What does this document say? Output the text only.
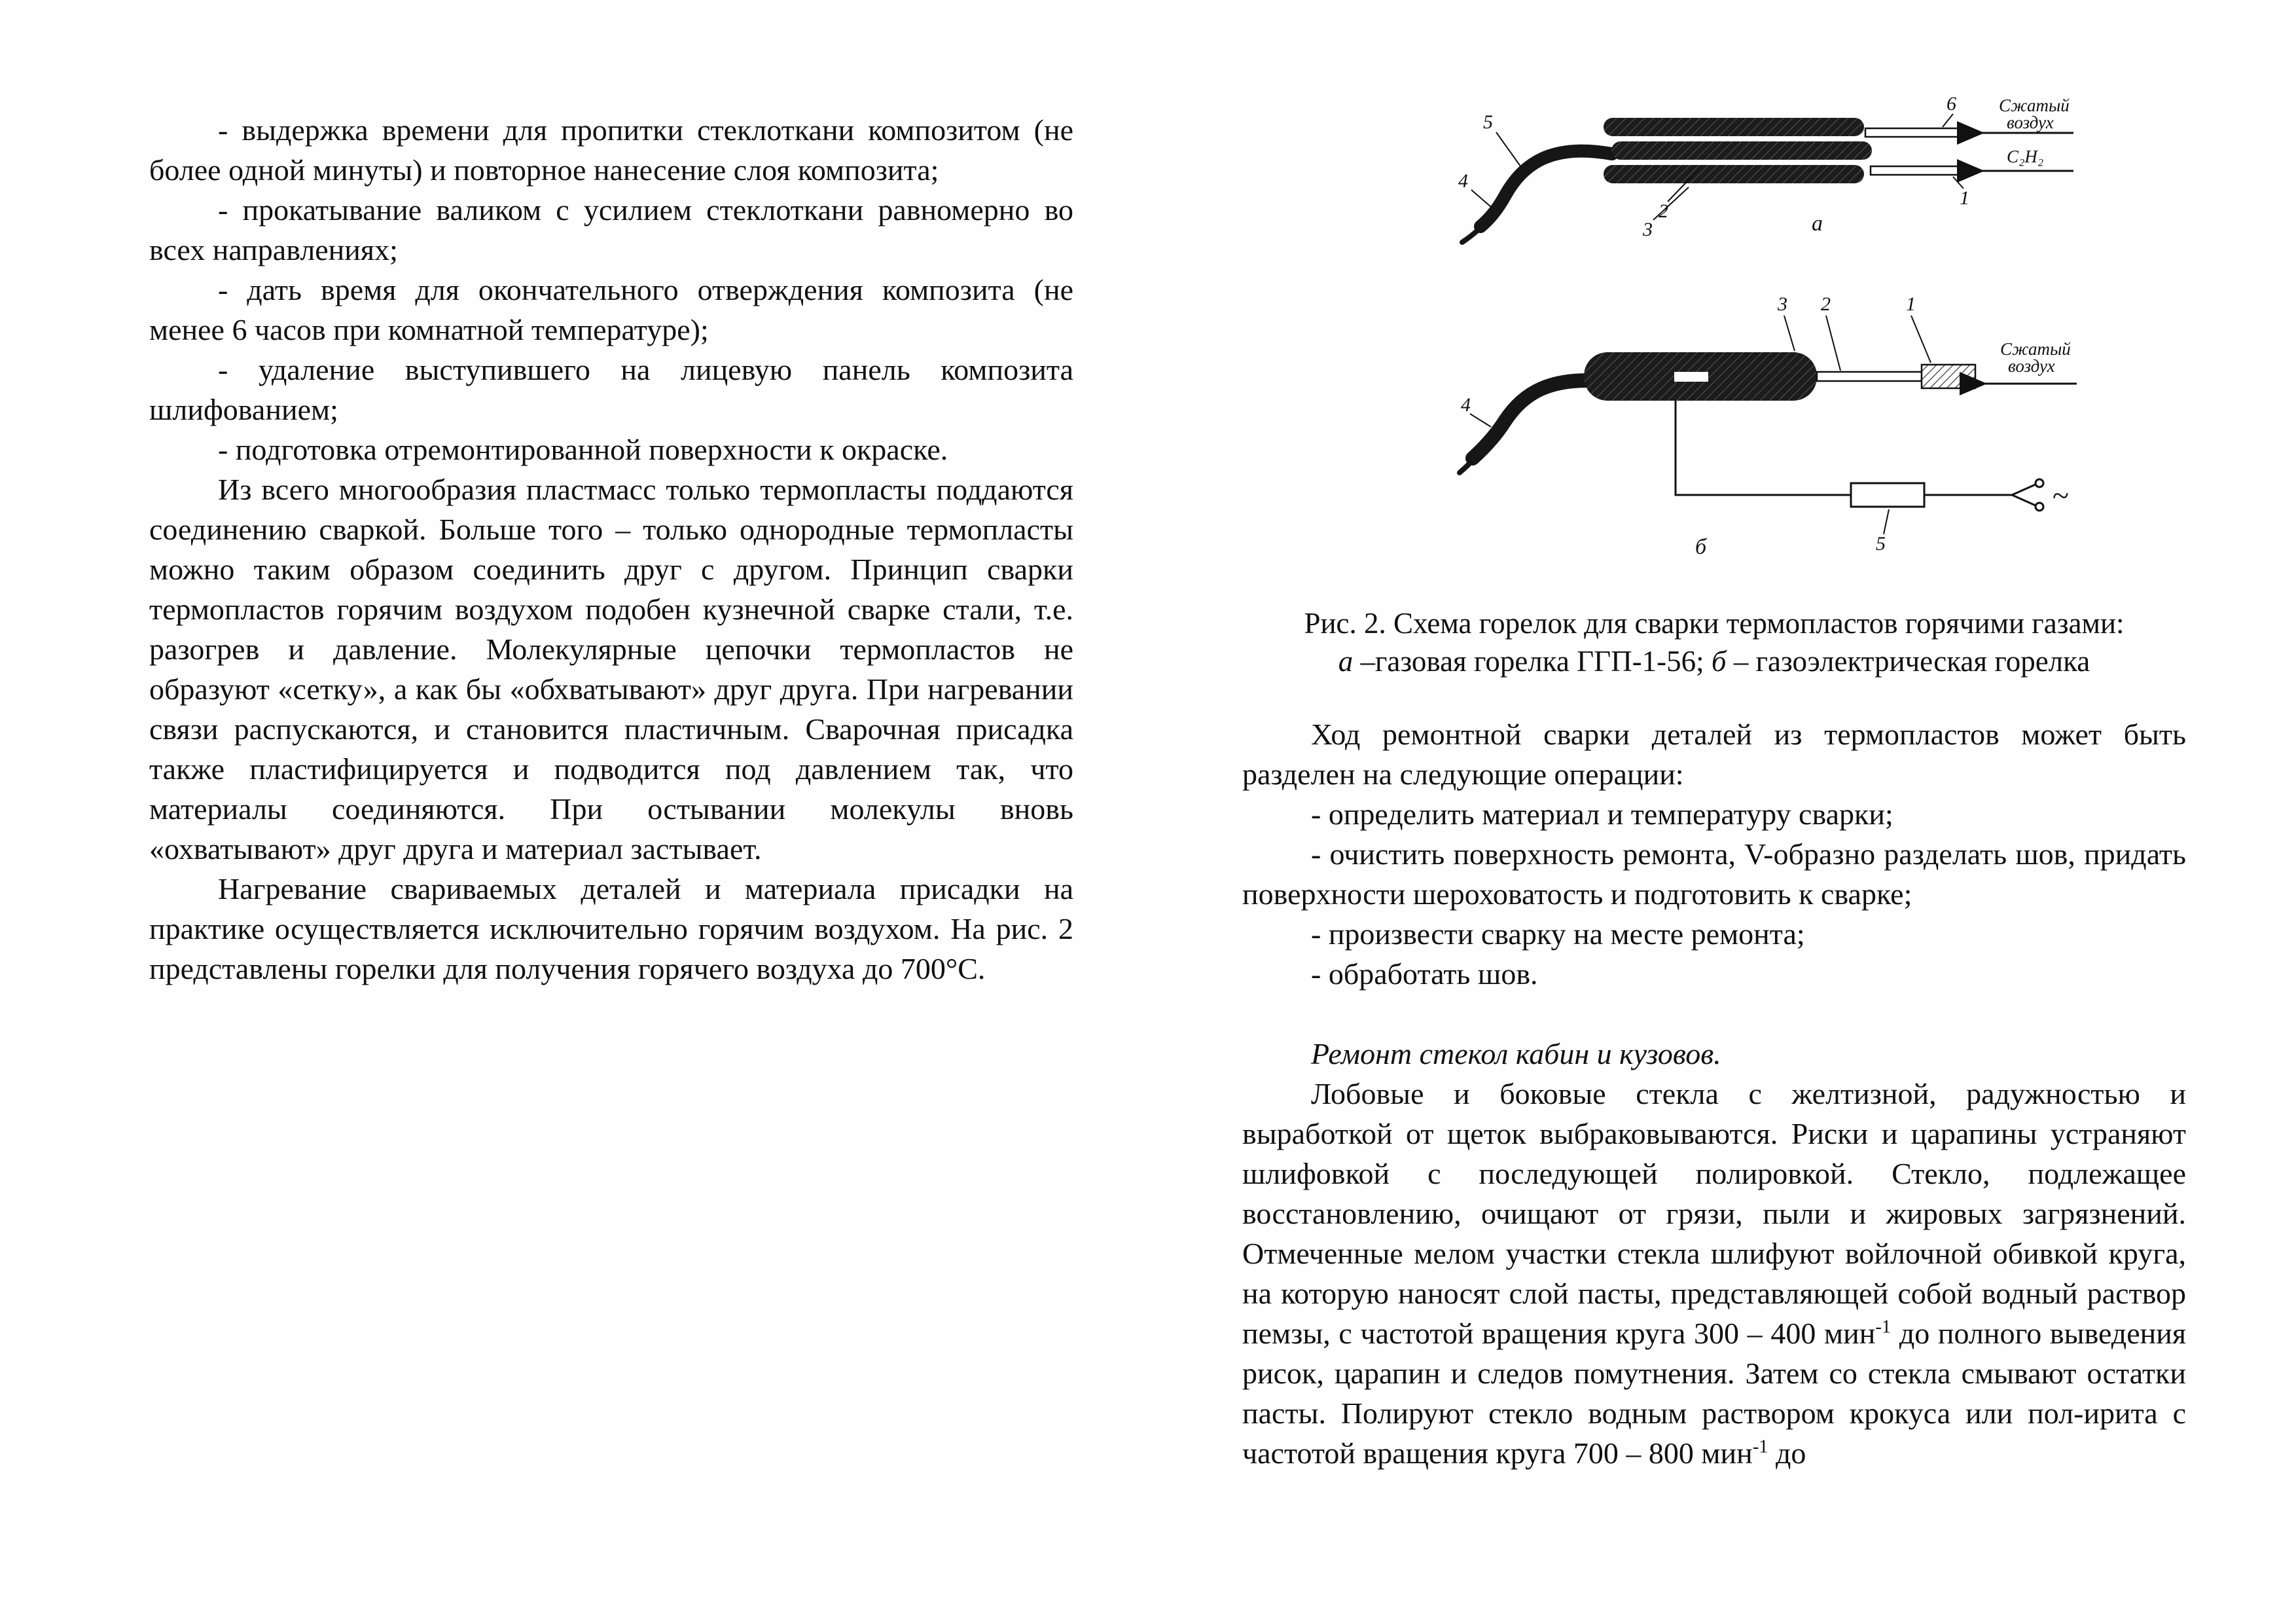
- выдержка времени для пропитки стеклоткани композитом (не более одной минуты) и повторное нанесение слоя композита;

- прокатывание валиком с усилием стеклоткани равномерно во всех направлениях;

- дать время для окончательного отверждения композита (не менее 6 часов при комнатной температуре);

- удаление выступившего на лицевую панель композита шлифованием;

- подготовка отремонтированной поверхности к окраске.

Из всего многообразия пластмасс только термопласты поддаются соединению сваркой. Больше того – только однородные термопласты можно таким образом соединить друг с другом. Принцип сварки термопластов горячим воздухом подобен кузнечной сварке стали, т.е. разогрев и давление. Молекулярные цепочки термопластов не образуют «сетку», а как бы «обхватывают» друг друга. При нагревании связи распускаются, и становится пластичным. Сварочная присадка также пластифицируется и подводится под давлением так, что материалы соединяются. При остывании молекулы вновь «охватывают» друг друга и материал застывает.

Нагревание свариваемых деталей и материала присадки на практике осуществляется исключительно горячим воздухом. На рис. 2 представлены горелки для получения горячего воздуха до 700°С.

6
1
2
3
5
4
Сжатый
воздух
C₂H₂
а
3 2	1
4
Сжатый
воздух
~
5
б
Рис. 2. Схема горелок для сварки термопластов горячими газами:
а –газовая горелка ГГП-1-56; б – газоэлектрическая горелка

Ход ремонтной сварки деталей из термопластов может быть разделен на следующие операции:

- определить материал и температуру сварки;

- очистить поверхность ремонта, V-образно разделать шов, придать поверхности шероховатость и подготовить к сварке;

- произвести сварку на месте ремонта;

- обработать шов.

Ремонт стекол кабин и кузовов.

Лобовые и боковые стекла с желтизной, радужностью и выработкой от щеток выбраковываются. Риски и царапины устраняют шлифовкой с последующей полировкой. Стекло, подлежащее восстановлению, очищают от грязи, пыли и жировых загрязнений. Отмеченные мелом участки стекла шлифуют войлочной обивкой круга, на которую наносят слой пасты, представляющей собой водный раствор пемзы, с частотой вращения круга 300 – 400 мин$^{-1}$ до полного выведения рисок, царапин и следов помутнения. Затем со стекла смывают остатки пасты. Полируют стекло водным раствором крокуса или пол-ирита с частотой вращения круга 700 – 800 мин$^{-1}$ до
